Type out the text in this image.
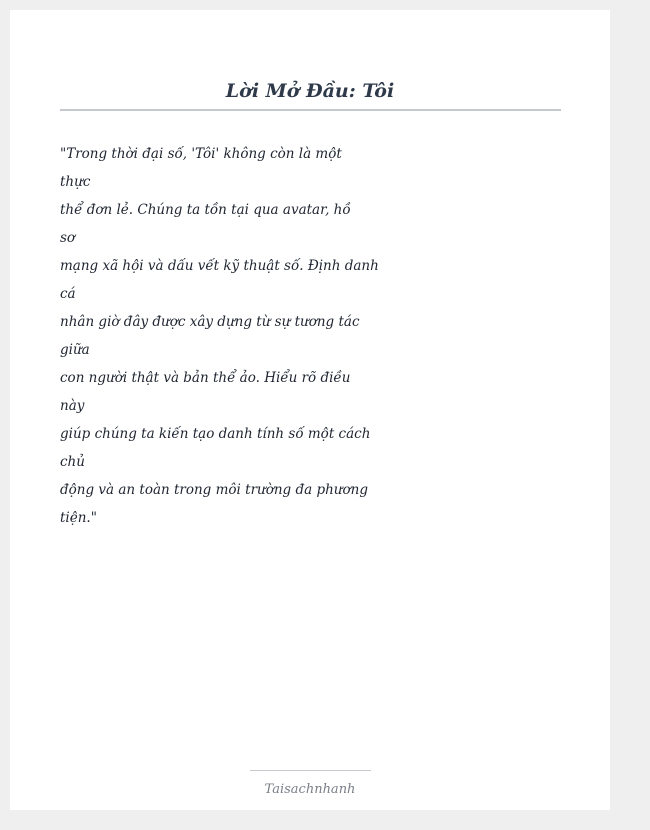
Lời Mở Đầu: Tôi
"Trong thời đại số, 'Tôi' không còn là một
thực
thể đơn lẻ. Chúng ta tồn tại qua avatar, hồ
sơ
mạng xã hội và dấu vết kỹ thuật số. Định danh
cá
nhân giờ đây được xây dựng từ sự tương tác
giữa
con người thật và bản thể ảo. Hiểu rõ điều
này
giúp chúng ta kiến tạo danh tính số một cách
chủ
động và an toàn trong môi trường đa phương
tiện."
Taisachnhanh
